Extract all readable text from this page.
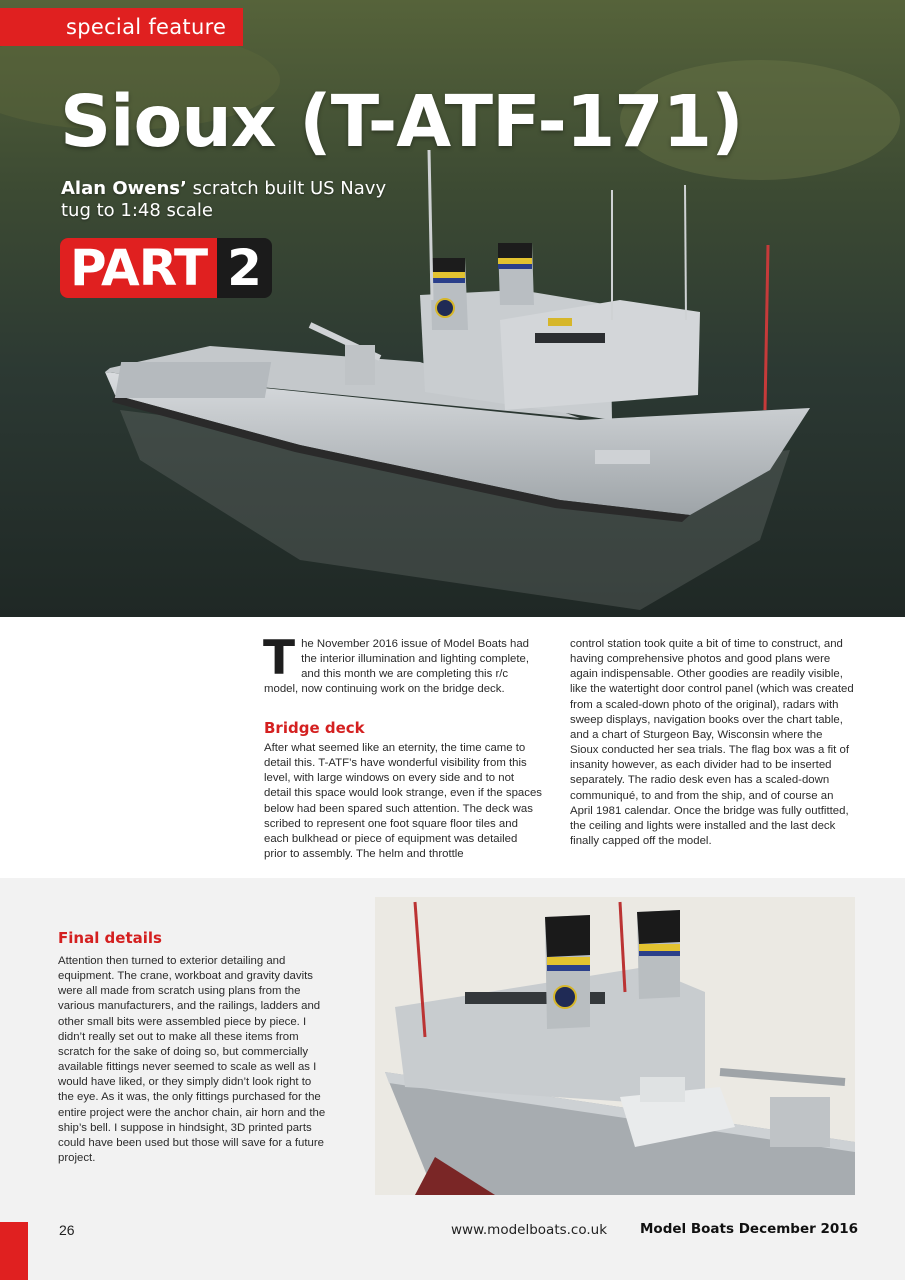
special feature
Sioux (T-ATF-171)
Alan Owens’ scratch built US Navy tug to 1:48 scale
PART 2
T he November 2016 issue of Model Boats had the interior illumination and lighting complete, and this month we are completing this r/c model, now continuing work on the bridge deck.
Bridge deck

After what seemed like an eternity, the time came to detail this. T-ATF’s have wonderful visibility from this level, with large windows on every side and to not detail this space would look strange, even if the spaces below had been spared such attention. The deck was scribed to represent one foot square floor tiles and each bulkhead or piece of equipment was detailed prior to assembly. The helm and throttle

control station took quite a bit of time to construct, and having comprehensive photos and good plans were again indispensable. Other goodies are readily visible, like the watertight door control panel (which was created from a scaled-down photo of the original), radars with sweep displays, navigation books over the chart table, and a chart of Sturgeon Bay, Wisconsin where the Sioux conducted her sea trials. The flag box was a fit of insanity however, as each divider had to be inserted separately. The radio desk even has a scaled-down communiqué, to and from the ship, and of course an April 1981 calendar. Once the bridge was fully outfitted, the ceiling and lights were installed and the last deck finally capped off the model.

Final details

Attention then turned to exterior detailing and equipment. The crane, workboat and gravity davits were all made from scratch using plans from the various manufacturers, and the railings, ladders and other small bits were assembled piece by piece. I didn’t really set out to make all these items from scratch for the sake of doing so, but commercially available fittings never seemed to scale as well as I would have liked, or they simply didn’t look right to the eye. As it was, the only fittings purchased for the entire project were the anchor chain, air horn and the ship’s bell. I suppose in hindsight, 3D printed parts could have been used but those will save for a future project.

26	www.modelboats.co.uk Model Boats December 2016
